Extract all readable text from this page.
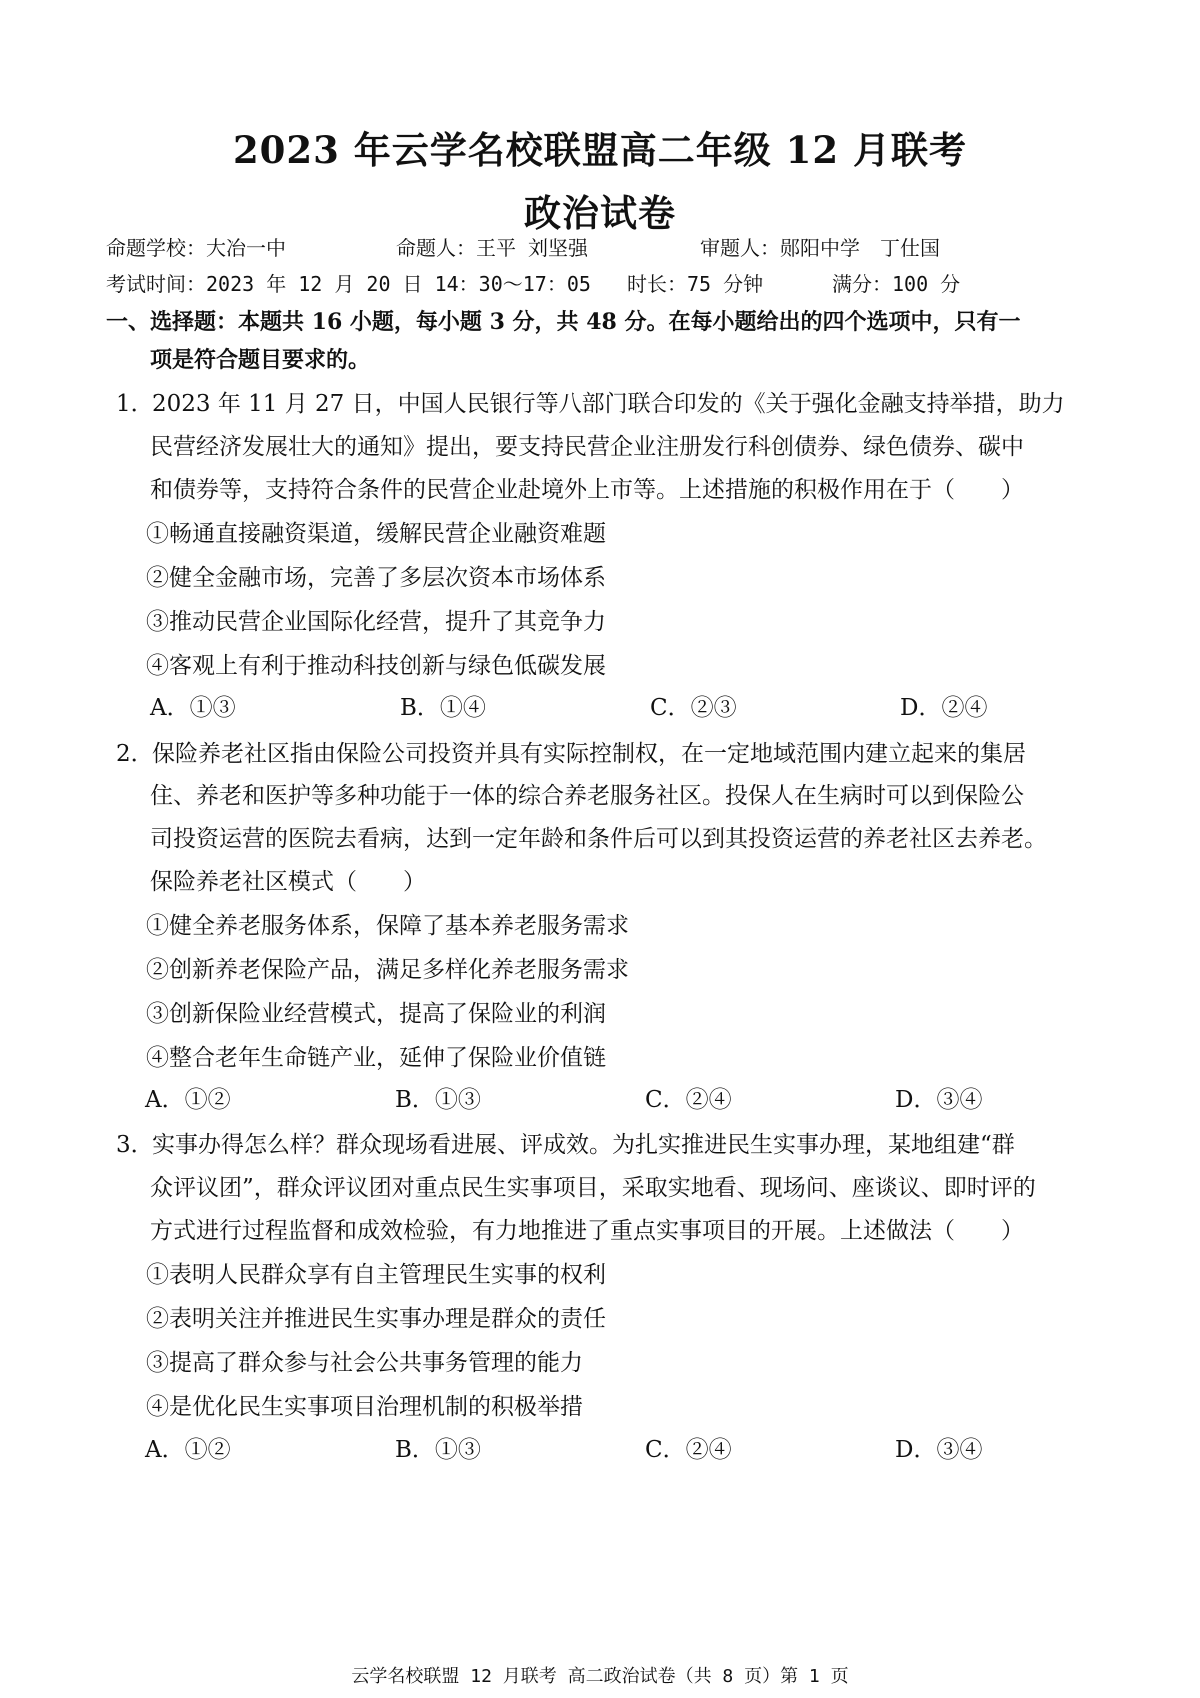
2023 年云学名校联盟高二年级 12 月联考
政治试卷
命题学校：大冶一中	命题人：王平 刘坚强	审题人：郧阳中学　丁仕国
考试时间：2023 年 12 月 20 日 14：30～17：05 时长：75 分钟	满分：100 分
一、选择题：本题共 16 小题，每小题 3 分，共 48 分。在每小题给出的四个选项中，只有一
项是符合题目要求的。
1．
2023 年 11 月 27 日，中国人民银行等八部门联合印发的《关于强化金融支持举措，助力
民营经济发展壮大的通知》提出，要支持民营企业注册发行科创债券、绿色债券、碳中
和债券等，支持符合条件的民营企业赴境外上市等。上述措施的积极作用在于（　　）
①畅通直接融资渠道，缓解民营企业融资难题
②健全金融市场，完善了多层次资本市场体系
③推动民营企业国际化经营，提升了其竞争力
④客观上有利于推动科技创新与绿色低碳发展
A．①③	B．①④	C．②③	D．②④
2．
保险养老社区指由保险公司投资并具有实际控制权，在一定地域范围内建立起来的集居
住、养老和医护等多种功能于一体的综合养老服务社区。投保人在生病时可以到保险公
司投资运营的医院去看病，达到一定年龄和条件后可以到其投资运营的养老社区去养老。
保险养老社区模式（　　）
①健全养老服务体系，保障了基本养老服务需求
②创新养老保险产品，满足多样化养老服务需求
③创新保险业经营模式，提高了保险业的利润
④整合老年生命链产业，延伸了保险业价值链
A．①②	B．①③	C．②④	D．③④
3．
实事办得怎么样？群众现场看进展、评成效。为扎实推进民生实事办理，某地组建“群
众评议团”，群众评议团对重点民生实事项目，采取实地看、现场问、座谈议、即时评的
方式进行过程监督和成效检验，有力地推进了重点实事项目的开展。上述做法（　　）
①表明人民群众享有自主管理民生实事的权利
②表明关注并推进民生实事办理是群众的责任
③提高了群众参与社会公共事务管理的能力
④是优化民生实事项目治理机制的积极举措
A．①②	B．①③	C．②④	D．③④
云学名校联盟 12 月联考 高二政治试卷（共 8 页）第 1 页
